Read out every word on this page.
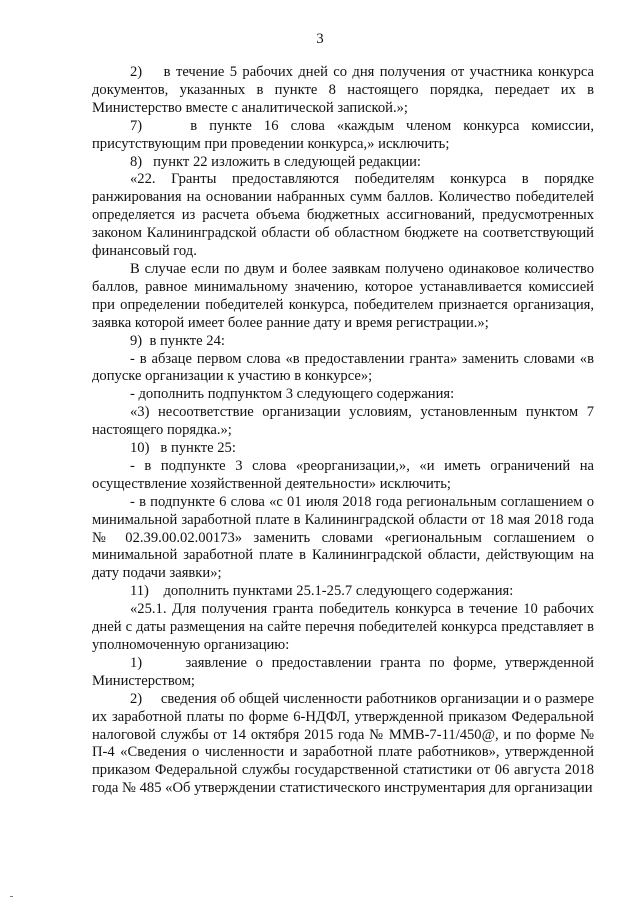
3

2)    в течение 5 рабочих дней со дня получения от участника конкурса документов, указанных в пункте 8 настоящего порядка, передает их в Министерство вместе с аналитической запиской.»;

7)    в пункте 16 слова «каждым членом конкурса комиссии, присутствующим при проведении конкурса,» исключить;

8)   пункт 22 изложить в следующей редакции:

«22. Гранты предоставляются победителям конкурса в порядке ранжирования на основании набранных сумм баллов. Количество победителей определяется из расчета объема бюджетных ассигнований, предусмотренных законом Калининградской области об областном бюджете на соответствующий финансовый год.

В случае если по двум и более заявкам получено одинаковое количество баллов, равное минимальному значению, которое устанавливается комиссией при определении победителей конкурса, победителем признается организация, заявка которой имеет более ранние дату и время регистрации.»;

9)  в пункте 24:

- в абзаце первом слова «в предоставлении гранта» заменить словами «в допуске организации к участию в конкурсе»;

- дополнить подпунктом 3 следующего содержания:

«3) несоответствие организации условиям, установленным пунктом 7 настоящего порядка.»;

10)   в пункте 25:

- в подпункте 3 слова «реорганизации,», «и иметь ограничений на осуществление хозяйственной деятельности» исключить;

- в подпункте 6 слова «с 01 июля 2018 года региональным соглашением о минимальной заработной плате в Калининградской области от 18 мая 2018 года № 02.39.00.02.00173» заменить словами «региональным соглашением о минимальной заработной плате в Калининградской области, действующим на дату подачи заявки»;

11)    дополнить пунктами 25.1-25.7 следующего содержания:

«25.1. Для получения гранта победитель конкурса в течение 10 рабочих дней с даты размещения на сайте перечня победителей конкурса представляет в уполномоченную организацию:

1)     заявление о предоставлении гранта по форме, утвержденной Министерством;

2)     сведения об общей численности работников организации и о размере их заработной платы по форме 6-НДФЛ, утвержденной приказом Федеральной налоговой службы от 14 октября 2015 года № ММВ-7-11/450@, и по форме № П-4 «Сведения о численности и заработной плате работников», утвержденной приказом Федеральной службы государственной статистики от 06 августа 2018 года № 485 «Об утверждении статистического инструментария для организации
